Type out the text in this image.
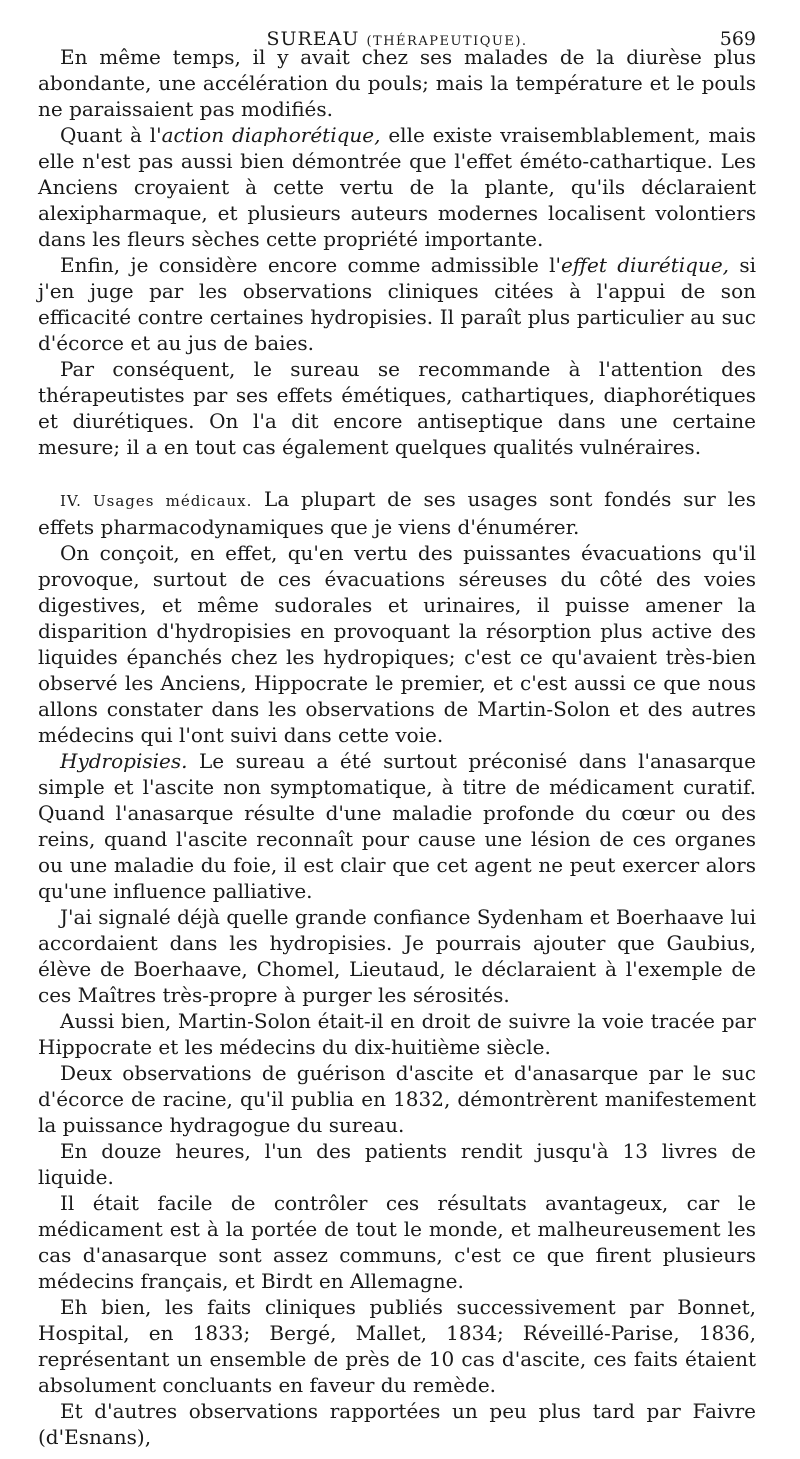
SUREAU (THÉRAPEUTIQUE).	569

En même temps, il y avait chez ses malades de la diurèse plus abondante, une accélération du pouls; mais la température et le pouls ne paraissaient pas modifiés.

Quant à l'action diaphorétique, elle existe vraisemblablement, mais elle n'est pas aussi bien démontrée que l'effet éméto-cathartique. Les Anciens croyaient à cette vertu de la plante, qu'ils déclaraient alexipharmaque, et plusieurs auteurs modernes localisent volontiers dans les fleurs sèches cette propriété importante.

Enfin, je considère encore comme admissible l'effet diurétique, si j'en juge par les observations cliniques citées à l'appui de son efficacité contre certaines hydropisies. Il paraît plus particulier au suc d'écorce et au jus de baies.

Par conséquent, le sureau se recommande à l'attention des thérapeutistes par ses effets émétiques, cathartiques, diaphorétiques et diurétiques. On l'a dit encore antiseptique dans une certaine mesure; il a en tout cas également quelques qualités vulnéraires.

IV. Usages médicaux. La plupart de ses usages sont fondés sur les effets pharmacodynamiques que je viens d'énumérer.

On conçoit, en effet, qu'en vertu des puissantes évacuations qu'il provoque, surtout de ces évacuations séreuses du côté des voies digestives, et même sudorales et urinaires, il puisse amener la disparition d'hydropisies en provoquant la résorption plus active des liquides épanchés chez les hydropiques; c'est ce qu'avaient très-bien observé les Anciens, Hippocrate le premier, et c'est aussi ce que nous allons constater dans les observations de Martin-Solon et des autres médecins qui l'ont suivi dans cette voie.

Hydropisies. Le sureau a été surtout préconisé dans l'anasarque simple et l'ascite non symptomatique, à titre de médicament curatif. Quand l'anasarque résulte d'une maladie profonde du cœur ou des reins, quand l'ascite reconnaît pour cause une lésion de ces organes ou une maladie du foie, il est clair que cet agent ne peut exercer alors qu'une influence palliative.

J'ai signalé déjà quelle grande confiance Sydenham et Boerhaave lui accordaient dans les hydropisies. Je pourrais ajouter que Gaubius, élève de Boerhaave, Chomel, Lieutaud, le déclaraient à l'exemple de ces Maîtres très-propre à purger les sérosités.

Aussi bien, Martin-Solon était-il en droit de suivre la voie tracée par Hippocrate et les médecins du dix-huitième siècle.

Deux observations de guérison d'ascite et d'anasarque par le suc d'écorce de racine, qu'il publia en 1832, démontrèrent manifestement la puissance hydragogue du sureau.

En douze heures, l'un des patients rendit jusqu'à 13 livres de liquide.

Il était facile de contrôler ces résultats avantageux, car le médicament est à la portée de tout le monde, et malheureusement les cas d'anasarque sont assez communs, c'est ce que firent plusieurs médecins français, et Birdt en Allemagne.

Eh bien, les faits cliniques publiés successivement par Bonnet, Hospital, en 1833; Bergé, Mallet, 1834; Réveillé-Parise, 1836, représentant un ensemble de près de 10 cas d'ascite, ces faits étaient absolument concluants en faveur du remède.

Et d'autres observations rapportées un peu plus tard par Faivre (d'Esnans),
